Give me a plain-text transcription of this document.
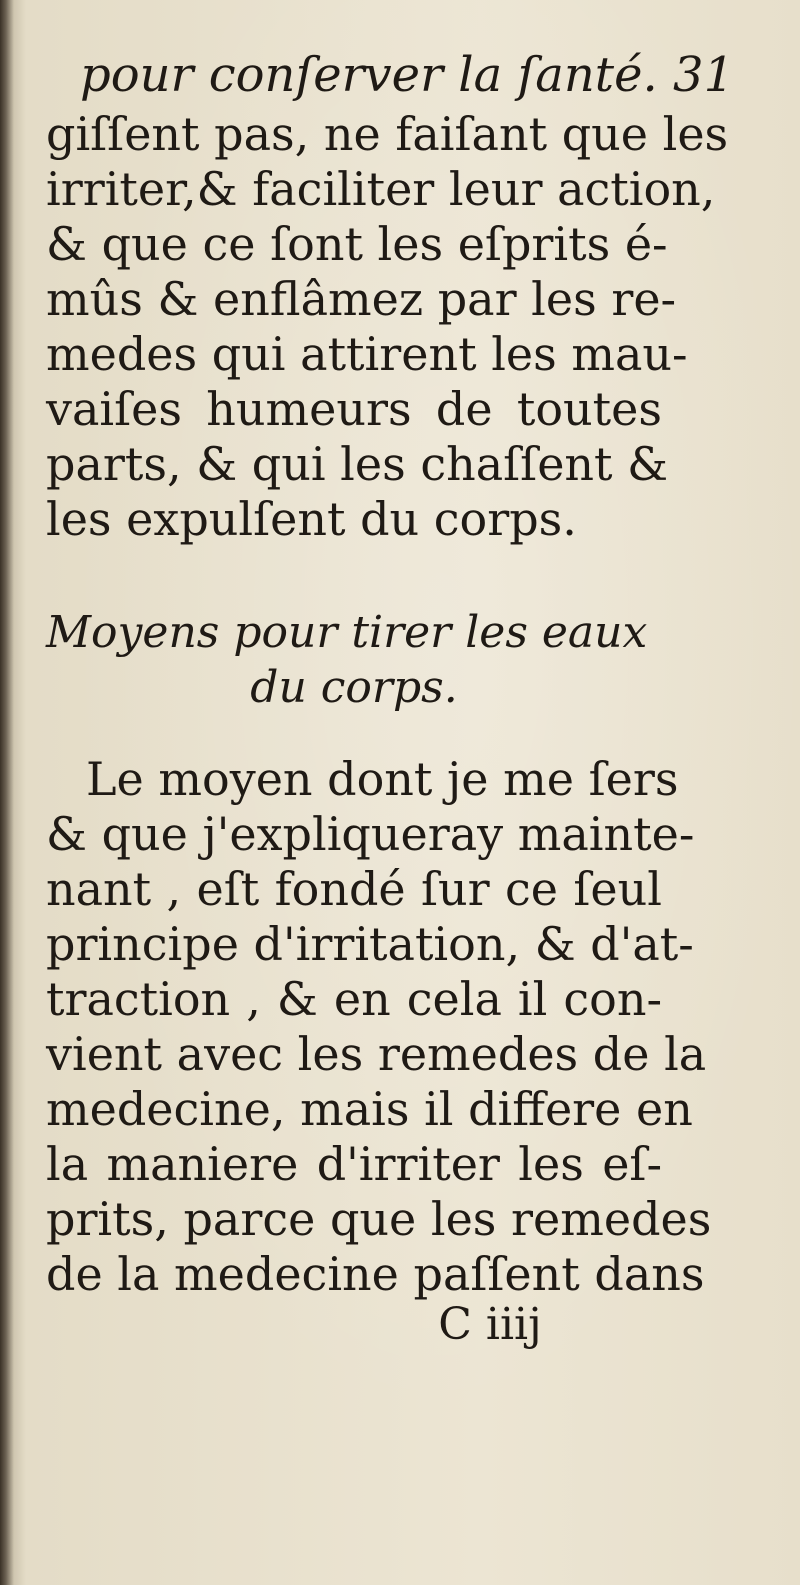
pour conſerver la ſanté. 31

giſſent pas, ne faiſant que les

irriter,& faciliter leur action,

& que ce ſont les eſprits é-

mûs & enflâmez par les re-

medes qui attirent les mau-

vaiſes humeurs de toutes

parts, & qui les chaſſent &

les expulſent du corps.

Moyens pour tirer les eaux
du corps.

Le moyen dont je me ſers

& que j'expliqueray mainte-

nant , eſt fondé ſur ce ſeul

principe d'irritation, & d'at-

traction , & en cela il con-

vient avec les remedes de la

medecine, mais il differe en

la maniere d'irriter les eſ-

prits, parce que les remedes

de la medecine paſſent dans

C iiij
